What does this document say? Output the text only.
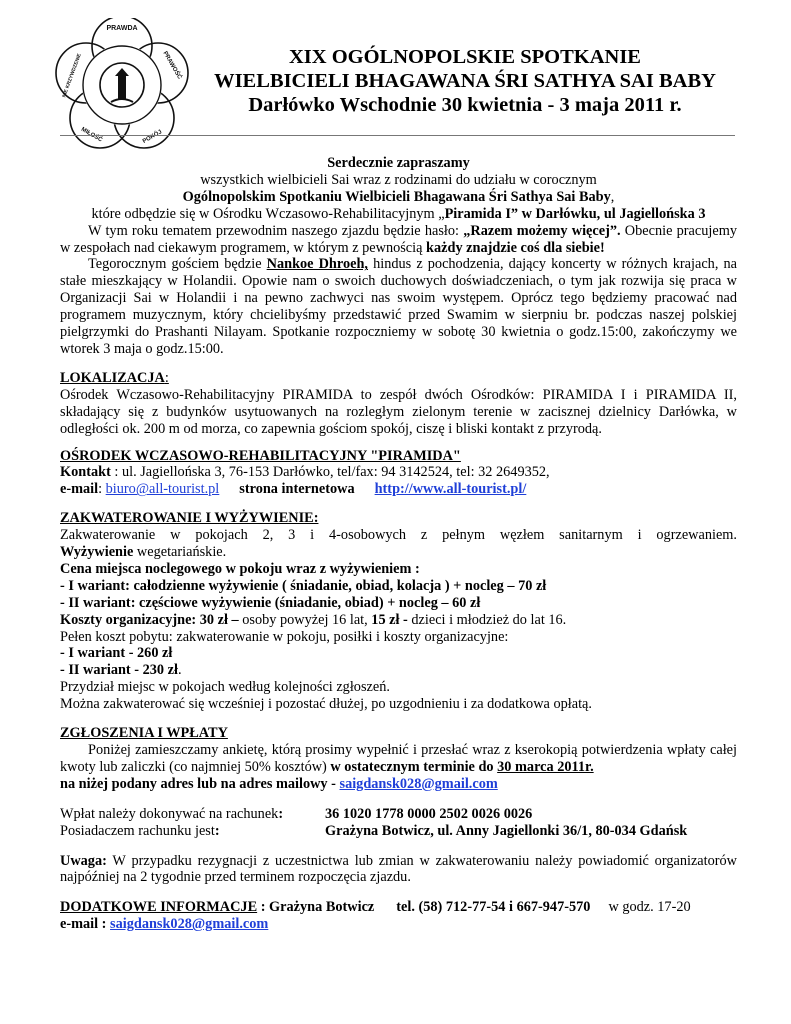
PRAWDA
PRAWOŚĆ
POKÓJ
MIŁOŚĆ
NIE KRZYWDZENIE	XIX OGÓLNOPOLSKIE SPOTKANIE
WIELBICIELI BHAGAWANA ŚRI SATHYA SAI BABY
Darłówko Wschodnie 30 kwietnia - 3 maja 2011 r.

Serdecznie zapraszamy

wszystkich wielbicieli Sai wraz z rodzinami do udziału w corocznym

Ogólnopolskim Spotkaniu Wielbicieli Bhagawana Śri Sathya Sai Baby,

które odbędzie się w Ośrodku Wczasowo-Rehabilitacyjnym „Piramida I” w Darłówku, ul Jagiellońska 3

W tym roku tematem przewodnim naszego zjazdu będzie hasło: „Razem możemy więcej”. Obecnie pracujemy w zespołach nad ciekawym programem, w którym z pewnością każdy znajdzie coś dla siebie!

Tegorocznym gościem będzie Nankoe Dhroeh, hindus z pochodzenia, dający koncerty w różnych krajach, na stałe mieszkający w Holandii. Opowie nam o swoich duchowych doświadczeniach, o tym jak rozwija się praca w Organizacji Sai w Holandii i na pewno zachwyci nas swoim występem. Oprócz tego będziemy pracować nad programem muzycznym, który chcielibyśmy przedstawić przed Swamim w sierpniu br. podczas naszej polskiej pielgrzymki do Prashanti Nilayam. Spotkanie rozpoczniemy w sobotę 30 kwietnia o godz.15:00, zakończymy we wtorek 3 maja o godz.15:00.

LOKALIZACJA:

Ośrodek Wczasowo-Rehabilitacyjny PIRAMIDA to zespół dwóch Ośrodków: PIRAMIDA I i PIRAMIDA II, składający się z budynków usytuowanych na rozległym zielonym terenie w zacisznej dzielnicy Darłówka, w odległości ok. 200 m od morza, co zapewnia gościom spokój, ciszę i bliski kontakt z przyrodą.

OŚRODEK WCZASOWO-REHABILITACYJNY "PIRAMIDA"

Kontakt : ul. Jagiellońska 3, 76-153 Darłówko, tel/fax: 94 3142524, tel: 32 2649352,

e-mail: biuro@all-tourist.pl strona internetowa http://www.all-tourist.pl/

ZAKWATEROWANIE I WYŻYWIENIE:

Zakwaterowanie w pokojach 2, 3 i 4-osobowych z pełnym węzłem sanitarnym i ogrzewaniem.

Wyżywienie wegetariańskie.

Cena miejsca noclegowego w pokoju wraz z wyżywieniem :

- I wariant: całodzienne wyżywienie ( śniadanie, obiad, kolacja ) + nocleg – 70 zł

- II wariant: częściowe wyżywienie (śniadanie, obiad) + nocleg – 60 zł

Koszty organizacyjne: 30 zł – osoby powyżej 16 lat, 15 zł - dzieci i młodzież do lat 16.

Pełen koszt pobytu: zakwaterowanie w pokoju, posiłki i koszty organizacyjne:

- I wariant - 260 zł

- II wariant - 230 zł.

Przydział miejsc w pokojach według kolejności zgłoszeń.

Można zakwaterować się wcześniej i pozostać dłużej, po uzgodnieniu i za dodatkowa opłatą.

ZGŁOSZENIA I WPŁATY

Poniżej zamieszczamy ankietę, którą prosimy wypełnić i przesłać wraz z kserokopią potwierdzenia wpłaty całej kwoty lub zaliczki (co najmniej 50% kosztów) w ostatecznym terminie do 30 marca 2011r.
na niżej podany adres lub na adres mailowy - saigdansk028@gmail.com

Wpłat należy dokonywać na rachunek:	36 1020 1778 0000 2502 0026 0026
Posiadaczem rachunku jest:	Grażyna Botwicz, ul. Anny Jagiellonki 36/1, 80-034 Gdańsk

Uwaga: W przypadku rezygnacji z uczestnictwa lub zmian w zakwaterowaniu należy powiadomić organizatorów najpóźniej na 2 tygodnie przed terminem rozpoczęcia zjazdu.

DODATKOWE INFORMACJE : Grażyna Botwicz tel. (58) 712-77-54 i 667-947-570 w godz. 17-20

e-mail : saigdansk028@gmail.com
